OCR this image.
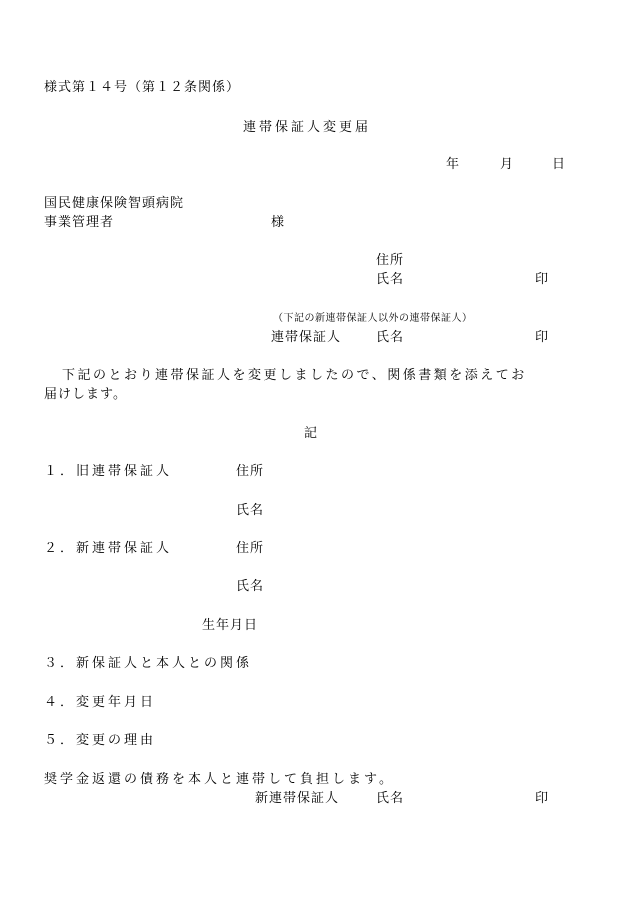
様式第１４号（第１２条関係）
連帯保証人変更届
年	月	日
国民健康保険智頭病院
事業管理者	様
住所
氏名	印
（下記の新連帯保証人以外の連帯保証人）
連帯保証人	氏名	印
下記のとおり連帯保証人を変更しましたので、関係書類を添えてお
届けします。
記
１．旧連帯保証人	住所
氏名
２．新連帯保証人	住所
氏名
生年月日
３．新保証人と本人との関係
４．変更年月日
５．変更の理由
奨学金返還の債務を本人と連帯して負担します。
新連帯保証人	氏名	印
